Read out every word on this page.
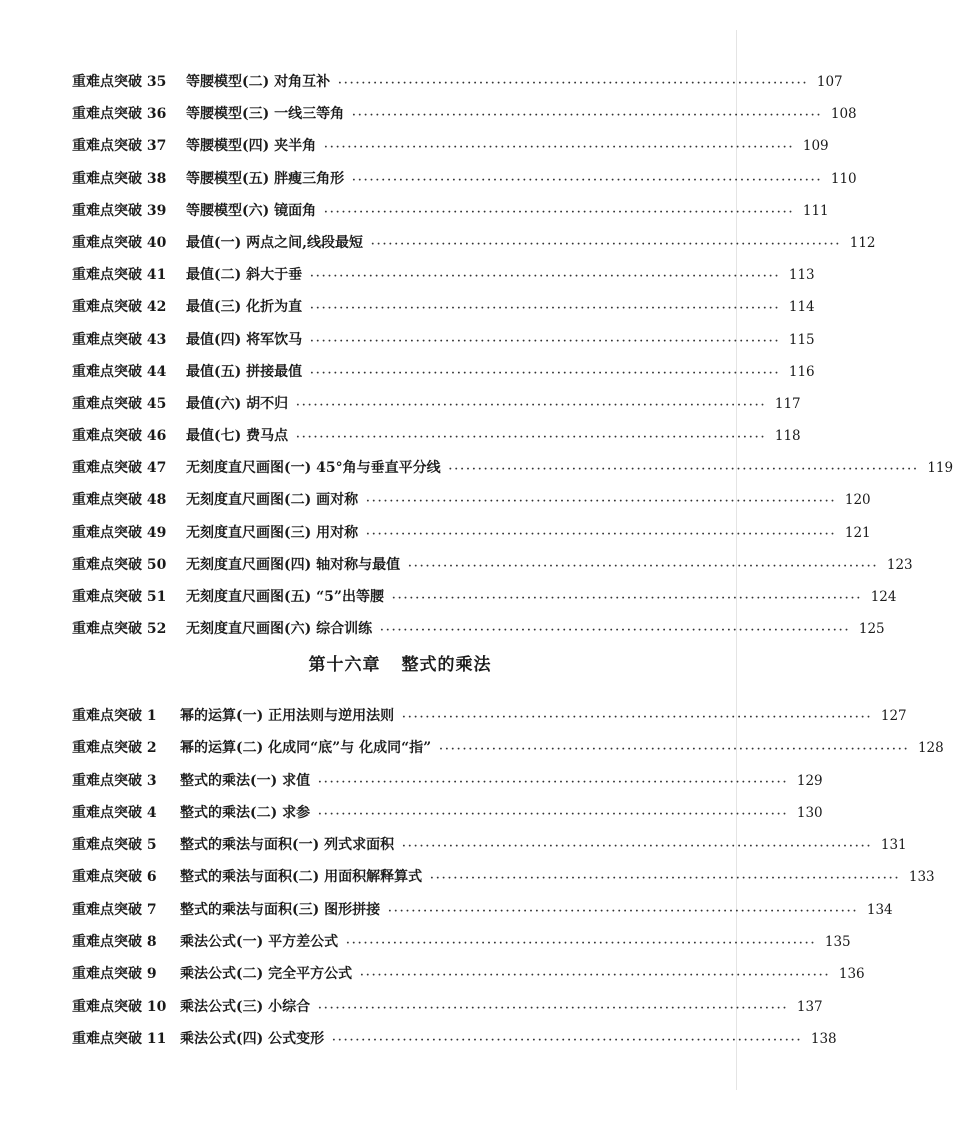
重难点突破 35	等腰模型(二) 对角互补 ················································································ 107
重难点突破 36	等腰模型(三) 一线三等角 ················································································ 108
重难点突破 37	等腰模型(四) 夹半角 ················································································ 109
重难点突破 38	等腰模型(五) 胖瘦三角形 ················································································ 110
重难点突破 39	等腰模型(六) 镜面角 ················································································ 111
重难点突破 40	最值(一) 两点之间,线段最短 ················································································ 112
重难点突破 41	最值(二) 斜大于垂 ················································································ 113
重难点突破 42	最值(三) 化折为直 ················································································ 114
重难点突破 43	最值(四) 将军饮马 ················································································ 115
重难点突破 44	最值(五) 拼接最值 ················································································ 116
重难点突破 45	最值(六) 胡不归 ················································································ 117
重难点突破 46	最值(七) 费马点 ················································································ 118
重难点突破 47	无刻度直尺画图(一) 45°角与垂直平分线 ················································································ 119
重难点突破 48	无刻度直尺画图(二) 画对称 ················································································ 120
重难点突破 49	无刻度直尺画图(三) 用对称 ················································································ 121
重难点突破 50	无刻度直尺画图(四) 轴对称与最值 ················································································ 123
重难点突破 51	无刻度直尺画图(五) “5”出等腰 ················································································ 124
重难点突破 52	无刻度直尺画图(六) 综合训练 ················································································ 125
第十六章 整式的乘法
重难点突破 1	幂的运算(一) 正用法则与逆用法则 ················································································ 127
重难点突破 2	幂的运算(二) 化成同“底”与 化成同“指” ················································································ 128
重难点突破 3	整式的乘法(一) 求值 ················································································ 129
重难点突破 4	整式的乘法(二) 求参 ················································································ 130
重难点突破 5	整式的乘法与面积(一) 列式求面积 ················································································ 131
重难点突破 6	整式的乘法与面积(二) 用面积解释算式 ················································································ 133
重难点突破 7	整式的乘法与面积(三) 图形拼接 ················································································ 134
重难点突破 8	乘法公式(一) 平方差公式 ················································································ 135
重难点突破 9	乘法公式(二) 完全平方公式 ················································································ 136
重难点突破 10 乘法公式(三) 小综合 ················································································ 137
重难点突破 11 乘法公式(四) 公式变形 ················································································ 138
